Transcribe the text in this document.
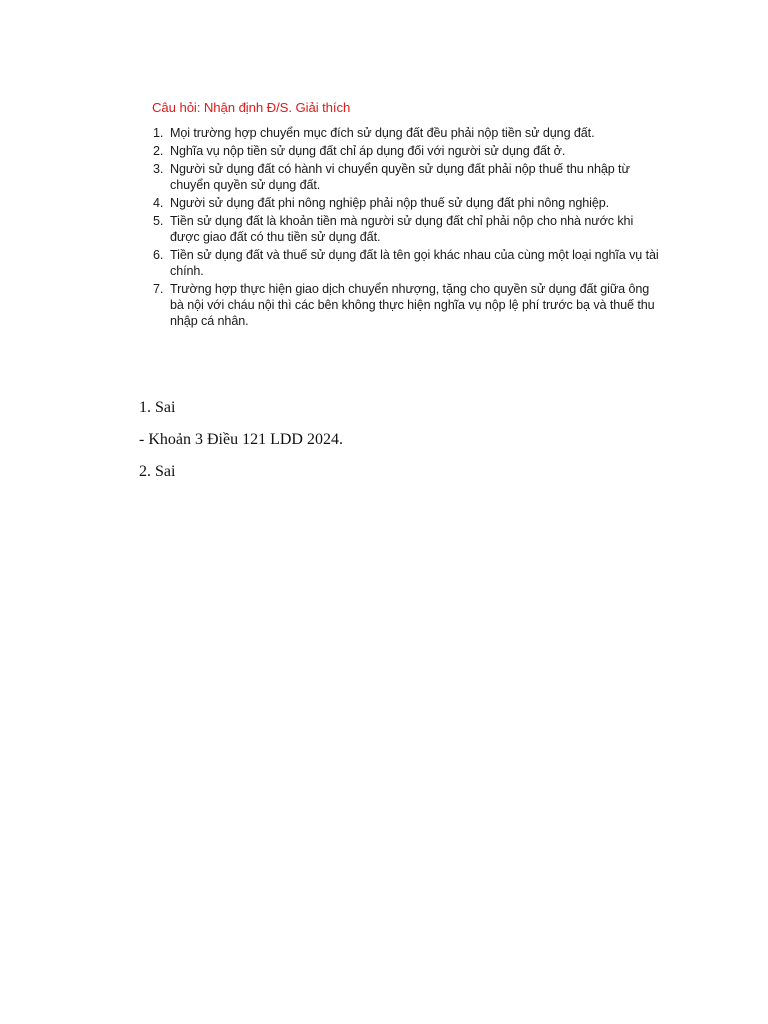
Câu hỏi: Nhận định Đ/S. Giải thích
1. Mọi trường hợp chuyển mục đích sử dụng đất đều phải nộp tiền sử dụng đất.
2. Nghĩa vụ nộp tiền sử dụng đất chỉ áp dụng đối với người sử dụng đất ở.
3. Người sử dụng đất có hành vi chuyển quyền sử dụng đất phải nộp thuế thu nhập từ chuyển quyền sử dụng đất.
4. Người sử dụng đất phi nông nghiệp phải nộp thuế sử dụng đất phi nông nghiệp.
5. Tiền sử dụng đất là khoản tiền mà người sử dụng đất chỉ phải nộp cho nhà nước khi được giao đất có thu tiền sử dụng đất.
6. Tiền sử dụng đất và thuế sử dụng đất là tên gọi khác nhau của cùng một loại nghĩa vụ tài chính.
7. Trường hợp thực hiện giao dịch chuyển nhượng, tặng cho quyền sử dụng đất giữa ông bà nội với cháu nội thì các bên không thực hiện nghĩa vụ nộp lệ phí trước bạ và thuế thu nhập cá nhân.

1. Sai

- Khoản 3 Điều 121 LDD 2024.

2. Sai
